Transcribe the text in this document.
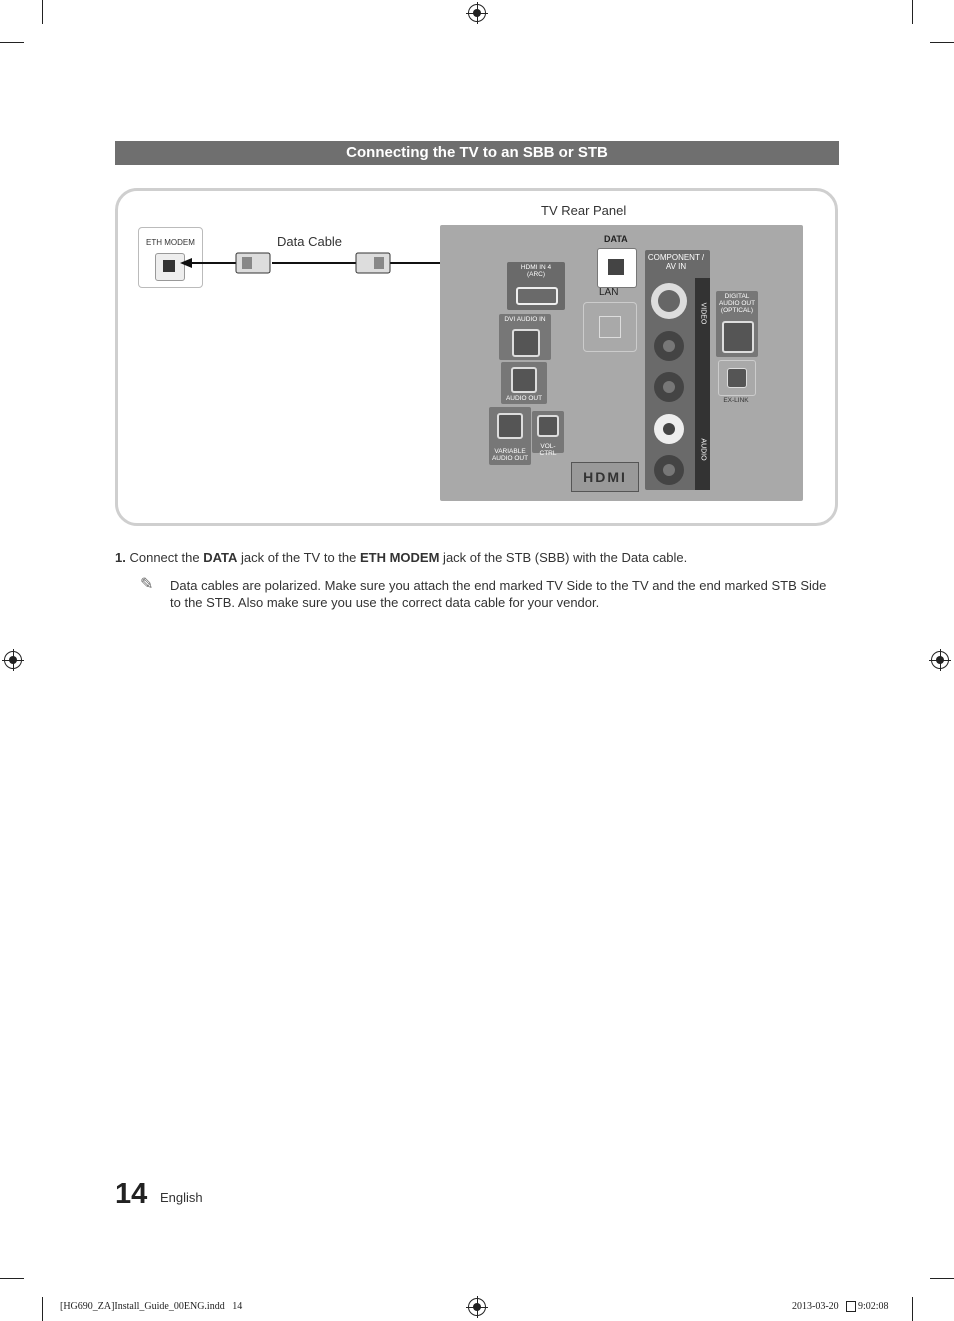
Connecting the TV to an SBB or STB
TV Rear Panel
ETH MODEM	Data Cable	DATA
LAN
HDMI IN 4
(ARC)
DVI AUDIO IN
AUDIO OUT
VARIABLE AUDIO OUT
VOL-CTRL
HDMI
COMPONENT / AV IN
VIDEO
AUDIO
DIGITAL AUDIO OUT (OPTICAL)
EX-LINK
1. Connect the DATA jack of the TV to the ETH MODEM jack of the STB (SBB) with the Data cable.
✎ Data cables are polarized. Make sure you attach the end marked TV Side to the TV and the end marked STB Side to the STB. Also make sure you use the correct data cable for your vendor.
14 English
[HG690_ZA]Install_Guide_00ENG.indd   14	2013-03-20 9:02:08
